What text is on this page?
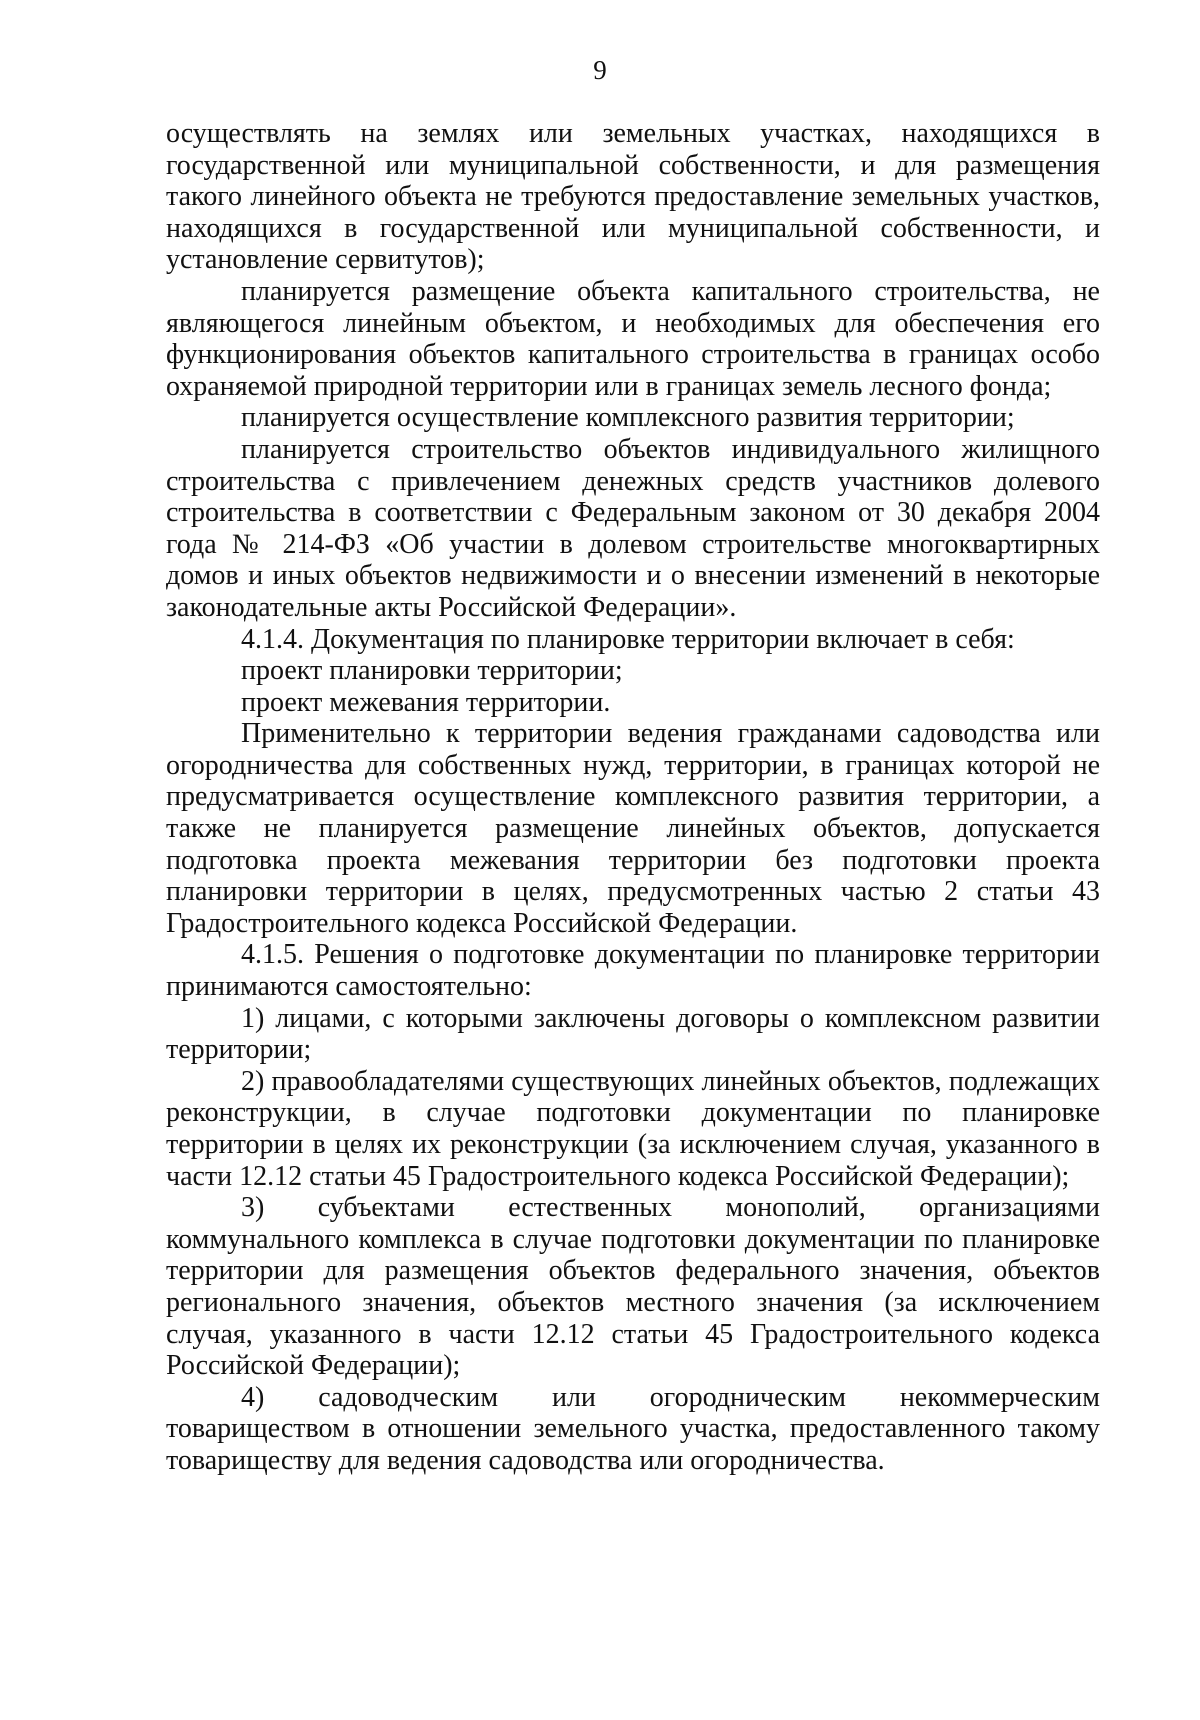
9

осуществлять на землях или земельных участках, находящихся в государственной или муниципальной собственности, и для размещения такого линейного объекта не требуются предоставление земельных участков, находящихся в государственной или муниципальной собственности, и установление сервитутов);

планируется размещение объекта капитального строительства, не являющегося линейным объектом, и необходимых для обеспечения его функционирования объектов капитального строительства в границах особо охраняемой природной территории или в границах земель лесного фонда;

планируется осуществление комплексного развития территории;

планируется строительство объектов индивидуального жилищного строительства с привлечением денежных средств участников долевого строительства в соответствии с Федеральным законом от 30 декабря 2004 года № 214-ФЗ «Об участии в долевом строительстве многоквартирных домов и иных объектов недвижимости и о внесении изменений в некоторые законодательные акты Российской Федерации».

4.1.4. Документация по планировке территории включает в себя:

проект планировки территории;

проект межевания территории.

Применительно к территории ведения гражданами садоводства или огородничества для собственных нужд, территории, в границах которой не предусматривается осуществление комплексного развития территории, а также не планируется размещение линейных объектов, допускается подготовка проекта межевания территории без подготовки проекта планировки территории в целях, предусмотренных частью 2 статьи 43 Градостроительного кодекса Российской Федерации.

4.1.5. Решения о подготовке документации по планировке территории принимаются самостоятельно:

1) лицами, с которыми заключены договоры о комплексном развитии территории;

2) правообладателями существующих линейных объектов, подлежащих реконструкции, в случае подготовки документации по планировке территории в целях их реконструкции (за исключением случая, указанного в части 12.12 статьи 45 Градостроительного кодекса Российской Федерации);

3) субъектами естественных монополий, организациями коммунального комплекса в случае подготовки документации по планировке территории для размещения объектов федерального значения, объектов регионального значения, объектов местного значения (за исключением случая, указанного в части 12.12 статьи 45 Градостроительного кодекса Российской Федерации);

4) садоводческим или огородническим некоммерческим товариществом в отношении земельного участка, предоставленного такому товариществу для ведения садоводства или огородничества.
